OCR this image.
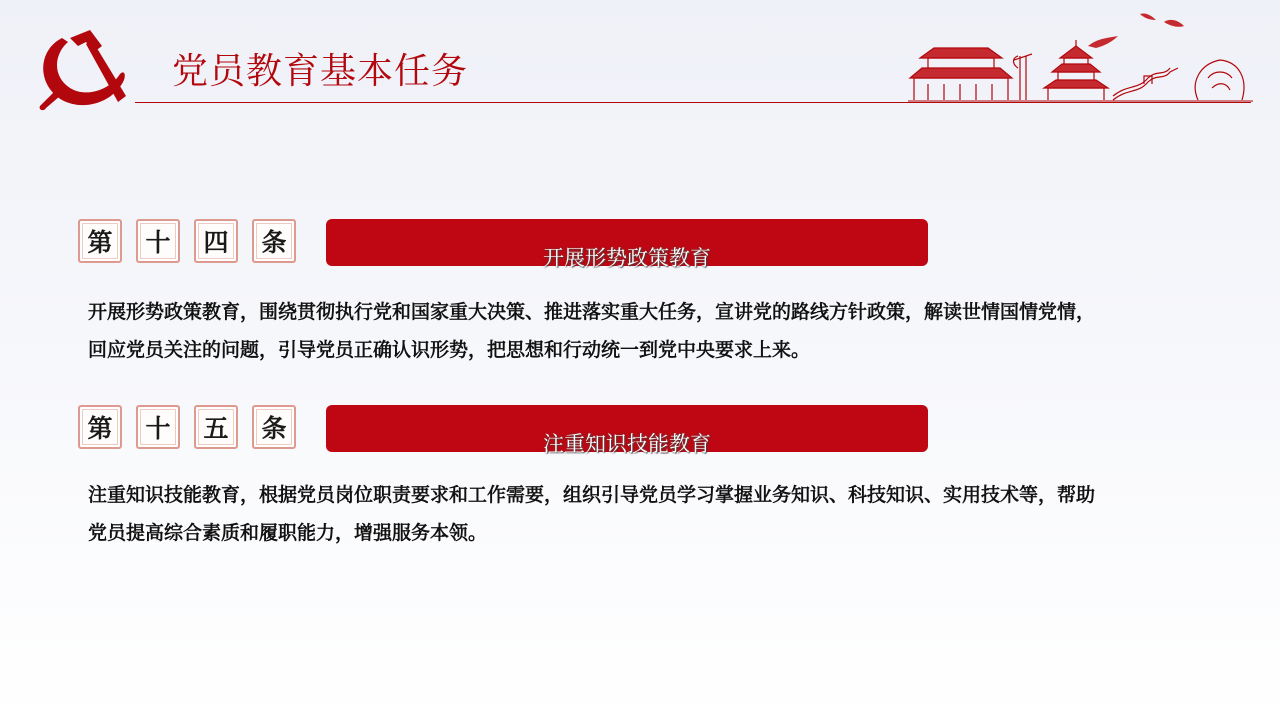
党员教育基本任务
第	十	四	条
开展形势政策教育

开展形势政策教育，围绕贯彻执行党和国家重大决策、推进落实重大任务，宣讲党的路线方针政策，解读世情国情党情，回应党员关注的问题，引导党员正确认识形势，把思想和行动统一到党中央要求上来。

第	十	五	条
注重知识技能教育

注重知识技能教育，根据党员岗位职责要求和工作需要，组织引导党员学习掌握业务知识、科技知识、实用技术等，帮助党员提高综合素质和履职能力，增强服务本领。
